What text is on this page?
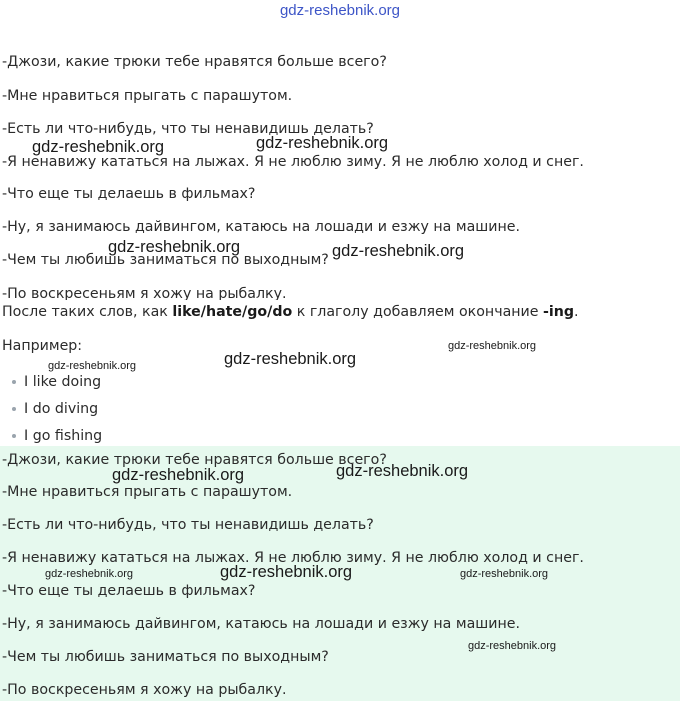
gdz-reshebnik.org
-Джози, какие трюки тебе нравятся больше всего?
-Мне нравиться прыгать с парашутом.
-Есть ли что-нибудь, что ты ненавидишь делать?
-Я ненавижу кататься на лыжах. Я не люблю зиму. Я не люблю холод и снег.
-Что еще ты делаешь в фильмах?
-Ну, я занимаюсь дайвингом, катаюсь на лошади и езжу на машине.
-Чем ты любишь заниматься по выходным?
-По воскресеньям я хожу на рыбалку.
После таких слов, как like/hate/go/do к глаголу добавляем окончание -ing.
Например:
I like doing
I do diving
I go fishing
-Джози, какие трюки тебе нравятся больше всего?
-Мне нравиться прыгать с парашутом.
-Есть ли что-нибудь, что ты ненавидишь делать?
-Я ненавижу кататься на лыжах. Я не люблю зиму. Я не люблю холод и снег.
-Что еще ты делаешь в фильмах?
-Ну, я занимаюсь дайвингом, катаюсь на лошади и езжу на машине.
-Чем ты любишь заниматься по выходным?
-По воскресеньям я хожу на рыбалку.
gdz-reshebnik.org	gdz-reshebnik.org
gdz-reshebnik.org	gdz-reshebnik.org
gdz-reshebnik.org
gdz-reshebnik.org
gdz-reshebnik.org
gdz-reshebnik.org	gdz-reshebnik.org
gdz-reshebnik.org
gdz-reshebnik.org	gdz-reshebnik.org
gdz-reshebnik.org
